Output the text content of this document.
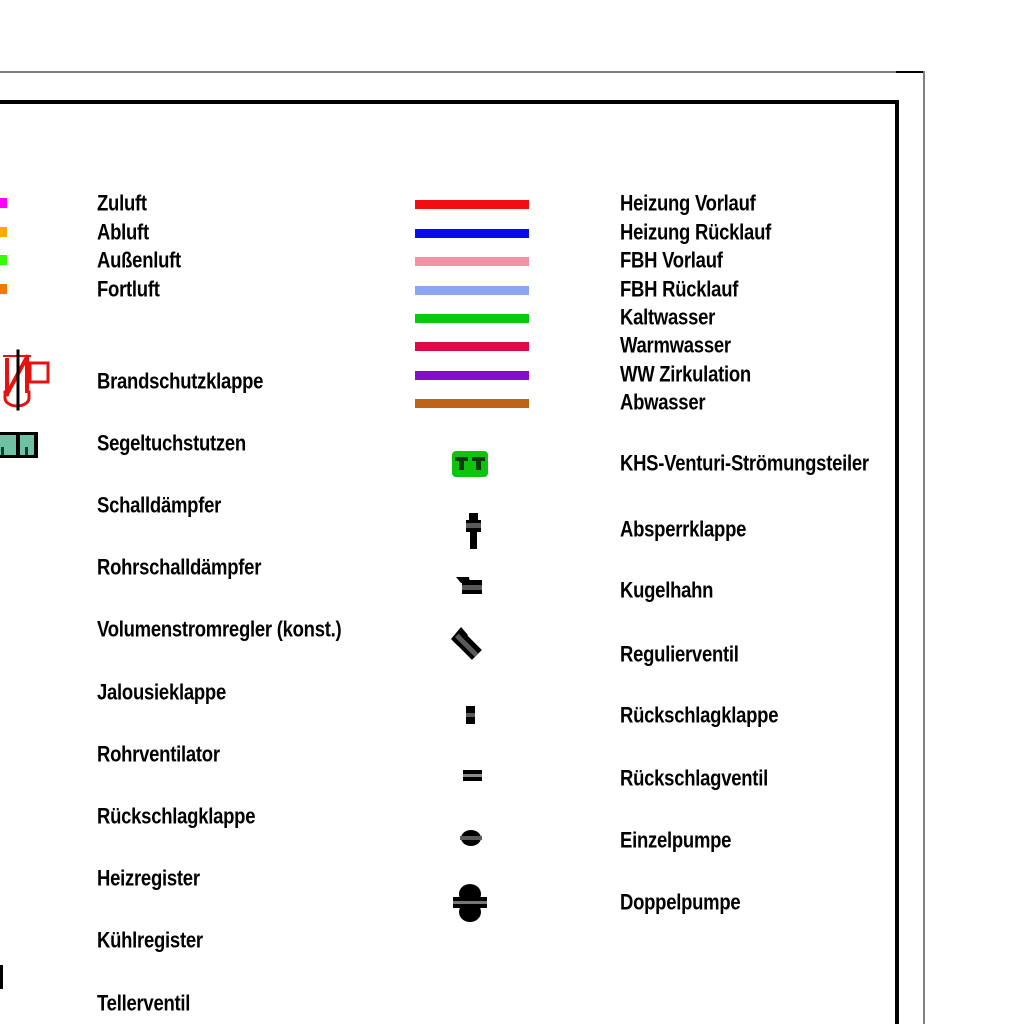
Zuluft
Abluft
Außenluft
Fortluft
Brandschutzklappe
Segeltuchstutzen
Schalldämpfer
Rohrschalldämpfer
Volumenstromregler (konst.)
Jalousieklappe
Rohrventilator
Rückschlagklappe
Heizregister
Kühlregister
Tellerventil
Heizung Vorlauf
Heizung Rücklauf
FBH Vorlauf
FBH Rücklauf
Kaltwasser
Warmwasser
WW Zirkulation
Abwasser
KHS-Venturi-Strömungsteiler
Absperrklappe
Kugelhahn
Regulierventil
Rückschlagklappe
Rückschlagventil
Einzelpumpe
Doppelpumpe
